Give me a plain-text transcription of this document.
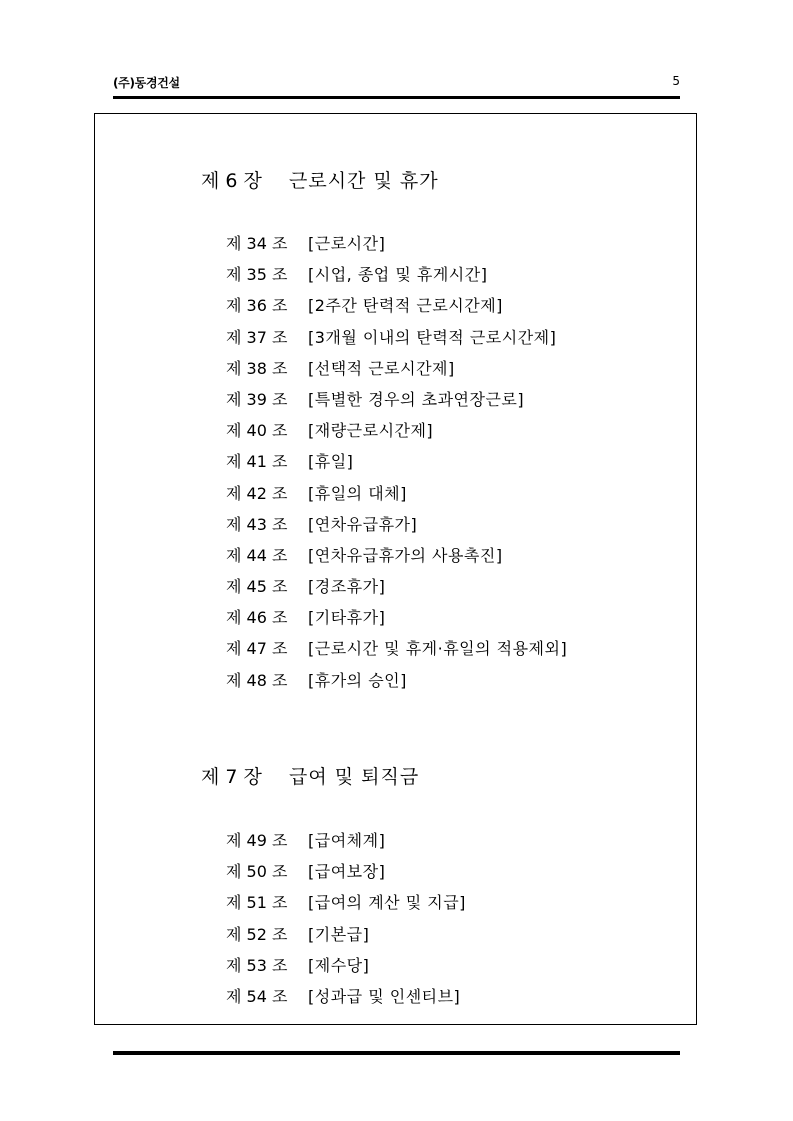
(주)동경건설	5
제 6 장 근로시간 및 휴가
제 34 조 [근로시간]
제 35 조 [시업, 종업 및 휴게시간]
제 36 조 [2주간 탄력적 근로시간제]
제 37 조 [3개월 이내의 탄력적 근로시간제]
제 38 조 [선택적 근로시간제]
제 39 조 [특별한 경우의 초과연장근로]
제 40 조 [재량근로시간제]
제 41 조 [휴일]
제 42 조 [휴일의 대체]
제 43 조 [연차유급휴가]
제 44 조 [연차유급휴가의 사용촉진]
제 45 조 [경조휴가]
제 46 조 [기타휴가]
제 47 조 [근로시간 및 휴게·휴일의 적용제외]
제 48 조 [휴가의 승인]
제 7 장 급여 및 퇴직금
제 49 조 [급여체계]
제 50 조 [급여보장]
제 51 조 [급여의 계산 및 지급]
제 52 조 [기본급]
제 53 조 [제수당]
제 54 조 [성과급 및 인센티브]
